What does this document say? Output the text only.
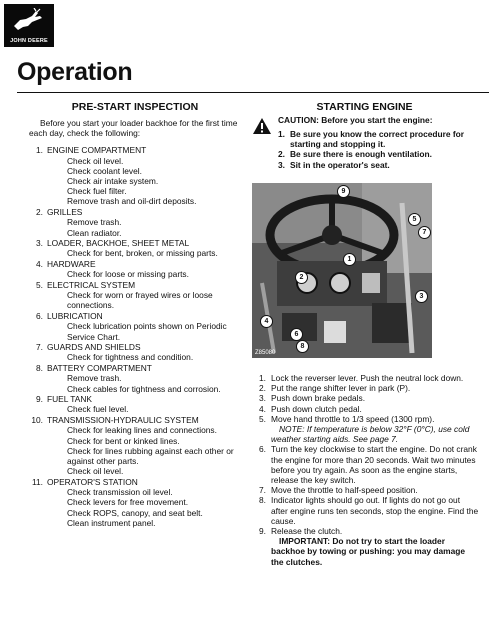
JOHN DEERE
Operation
PRE-START INSPECTION	STARTING ENGINE

Before you start your loader backhoe for the first time each day, check the following:

1. ENGINE COMPARTMENT
Check oil level.
Check coolant level.
Check air intake system.
Check fuel filter.
Remove trash and oil-dirt deposits.
2. GRILLES
Remove trash.
Clean radiator.
3. LOADER, BACKHOE, SHEET METAL
Check for bent, broken, or missing parts.
4. HARDWARE
Check for loose or missing parts.
5. ELECTRICAL SYSTEM
Check for worn or frayed wires or loose connections.
6. LUBRICATION
Check lubrication points shown on Periodic Service Chart.
7. GUARDS AND SHIELDS
Check for tightness and condition.
8. BATTERY COMPARTMENT
Remove trash.
Check cables for tightness and corrosion.
9. FUEL TANK
Check fuel level.
10. TRANSMISSION-HYDRAULIC SYSTEM
Check for leaking lines and connections.
Check for bent or kinked lines.
Check for lines rubbing against each other or against other parts.
Check oil level.
11. OPERATOR'S STATION
Check transmission oil level.
Check levers for free movement.
Check ROPS, canopy, and seat belt.
Clean instrument panel.
CAUTION: Before you start the engine:
1. Be sure you know the correct procedure for starting and stopping it.
2. Be sure there is enough ventilation.
3. Sit in the operator's seat.
9
5
7
1
2
3
4
6
8
Z85080
1. Lock the reverser lever. Push the neutral lock down.
2. Put the range shifter lever in park (P).
3. Push down brake pedals.
4. Push down clutch pedal.
5. Move hand throttle to 1/3 speed (1300 rpm).
NOTE: If temperature is below 32°F (0°C), use cold weather starting aids. See page 7.
6. Turn the key clockwise to start the engine. Do not crank the engine for more than 20 seconds. Wait two minutes before you try again. As soon as the engine starts, release the key switch.
7. Move the throttle to half-speed position.
8. Indicator lights should go out. If lights do not go out after engine runs ten seconds, stop the engine. Find the cause.
9. Release the clutch.
IMPORTANT: Do not try to start the loader backhoe by towing or pushing: you may damage the clutches.
